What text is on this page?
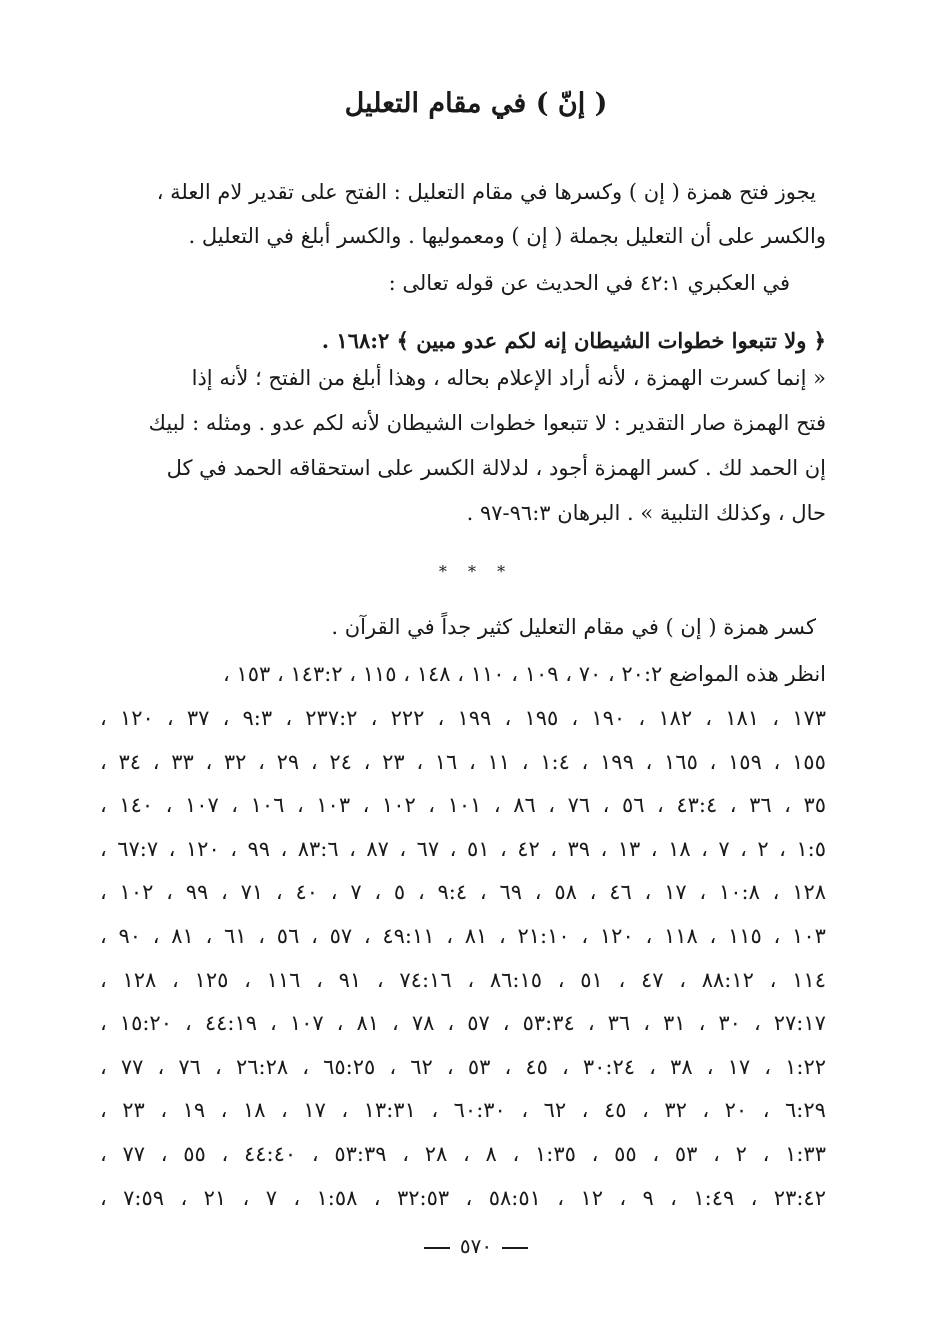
( إنّ ) في مقام التعليل

يجوز فتح همزة ( إن ) وكسرها في مقام التعليل : الفتح على تقدير لام العلة ،

والكسر على أن التعليل بجملة ( إن ) ومعموليها . والكسر أبلغ في التعليل .

في العكبري ٤٢:١ في الحديث عن قوله تعالى :

﴿ ولا تتبعوا خطوات الشيطان إنه لكم عدو مبين ﴾ ١٦٨:٢ .

« إنما كسرت الهمزة ، لأنه أراد الإعلام بحاله ، وهذا أبلغ من الفتح ؛ لأنه إذا

فتح الهمزة صار التقدير : لا تتبعوا خطوات الشيطان لأنه لكم عدو . ومثله : لبيك

إن الحمد لك . كسر الهمزة أجود ، لدلالة الكسر على استحقاقه الحمد في كل

حال ، وكذلك التلبية » . البرهان ٩٦:٣-٩٧ .

* * *

كسر همزة ( إن ) في مقام التعليل كثير جداً في القرآن .

انظر هذه المواضع ٢٠:٢ ، ٧٠ ، ١٠٩ ، ١١٠ ، ١٤٨ ، ١١٥ ، ١٤٣:٢ ، ١٥٣ ،

١٧٣ ، ١٨١ ، ١٨٢ ، ١٩٠ ، ١٩٥ ، ١٩٩ ، ٢٢٢ ، ٢٣٧:٢ ، ٩:٣ ، ٣٧ ، ١٢٠ ،
١٥٥ ، ١٥٩ ، ١٦٥ ، ١٩٩ ، ١:٤ ، ١١ ، ١٦ ، ٢٣ ، ٢٤ ، ٢٩ ، ٣٢ ، ٣٣ ، ٣٤ ،
٣٥ ، ٣٦ ، ٤٣:٤ ، ٥٦ ، ٧٦ ، ٨٦ ، ١٠١ ، ١٠٢ ، ١٠٣ ، ١٠٦ ، ١٠٧ ، ١٤٠ ،
١:٥ ، ٢ ، ٧ ، ١٨ ، ١٣ ، ٣٩ ، ٤٢ ، ٥١ ، ٦٧ ، ٨٧ ، ٨٣:٦ ، ٩٩ ، ١٢٠ ، ٦٧:٧ ،
١٢٨ ، ١٠:٨ ، ١٧ ، ٤٦ ، ٥٨ ، ٦٩ ، ٩:٤ ، ٥ ، ٧ ، ٤٠ ، ٧١ ، ٩٩ ، ١٠٢ ،
١٠٣ ، ١١٥ ، ١١٨ ، ١٢٠ ، ٢١:١٠ ، ٨١ ، ٤٩:١١ ، ٥٧ ، ٥٦ ، ٦١ ، ٨١ ، ٩٠ ،
١١٤ ، ٨٨:١٢ ، ٤٧ ، ٥١ ، ٨٦:١٥ ، ٧٤:١٦ ، ٩١ ، ١١٦ ، ١٢٥ ، ١٢٨ ،
٢٧:١٧ ، ٣٠ ، ٣١ ، ٣٦ ، ٥٣:٣٤ ، ٥٧ ، ٧٨ ، ٨١ ، ١٠٧ ، ٤٤:١٩ ، ١٥:٢٠ ،
١:٢٢ ، ١٧ ، ٣٨ ، ٣٠:٢٤ ، ٤٥ ، ٥٣ ، ٦٢ ، ٦٥:٢٥ ، ٢٦:٢٨ ، ٧٦ ، ٧٧ ،
٦:٢٩ ، ٢٠ ، ٣٢ ، ٤٥ ، ٦٢ ، ٦٠:٣٠ ، ١٣:٣١ ، ١٧ ، ١٨ ، ١٩ ، ٢٣ ،
١:٣٣ ، ٢ ، ٥٣ ، ٥٥ ، ١:٣٥ ، ٨ ، ٢٨ ، ٥٣:٣٩ ، ٤٤:٤٠ ، ٥٥ ، ٧٧ ،
٢٣:٤٢ ، ١:٤٩ ، ٩ ، ١٢ ، ٥٨:٥١ ، ٣٢:٥٣ ، ١:٥٨ ، ٧ ، ٢١ ، ٧:٥٩ ،
٥٧٠
